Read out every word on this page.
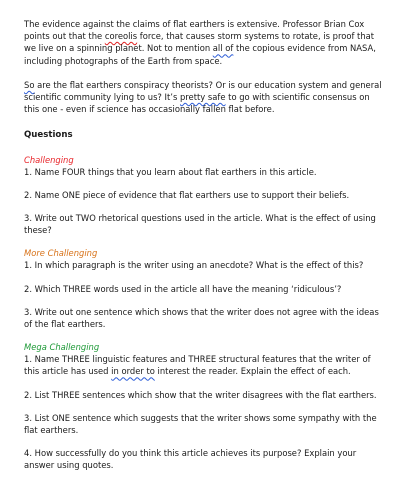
The evidence against the claims of flat earthers is extensive. Professor Brian Cox points out that the coreolis force, that causes storm systems to rotate, is proof that we live on a spinning planet. Not to mention all of the copious evidence from NASA, including photographs of the Earth from space.

So are the flat earthers conspiracy theorists? Or is our education system and general scientific community lying to us? It’s pretty safe to go with scientific consensus on this one - even if science has occasionally fallen flat before.

Questions

Challenging

1. Name FOUR things that you learn about flat earthers in this article.

2. Name ONE piece of evidence that flat earthers use to support their beliefs.

3. Write out TWO rhetorical questions used in the article. What is the effect of using these?

More Challenging

1. In which paragraph is the writer using an anecdote? What is the effect of this?

2. Which THREE words used in the article all have the meaning ‘ridiculous’?

3. Write out one sentence which shows that the writer does not agree with the ideas of the flat earthers.

Mega Challenging

1. Name THREE linguistic features and THREE structural features that the writer of this article has used in order to interest the reader. Explain the effect of each.

2. List THREE sentences which show that the writer disagrees with the flat earthers.

3. List ONE sentence which suggests that the writer shows some sympathy with the flat earthers.

4. How successfully do you think this article achieves its purpose? Explain your answer using quotes.
